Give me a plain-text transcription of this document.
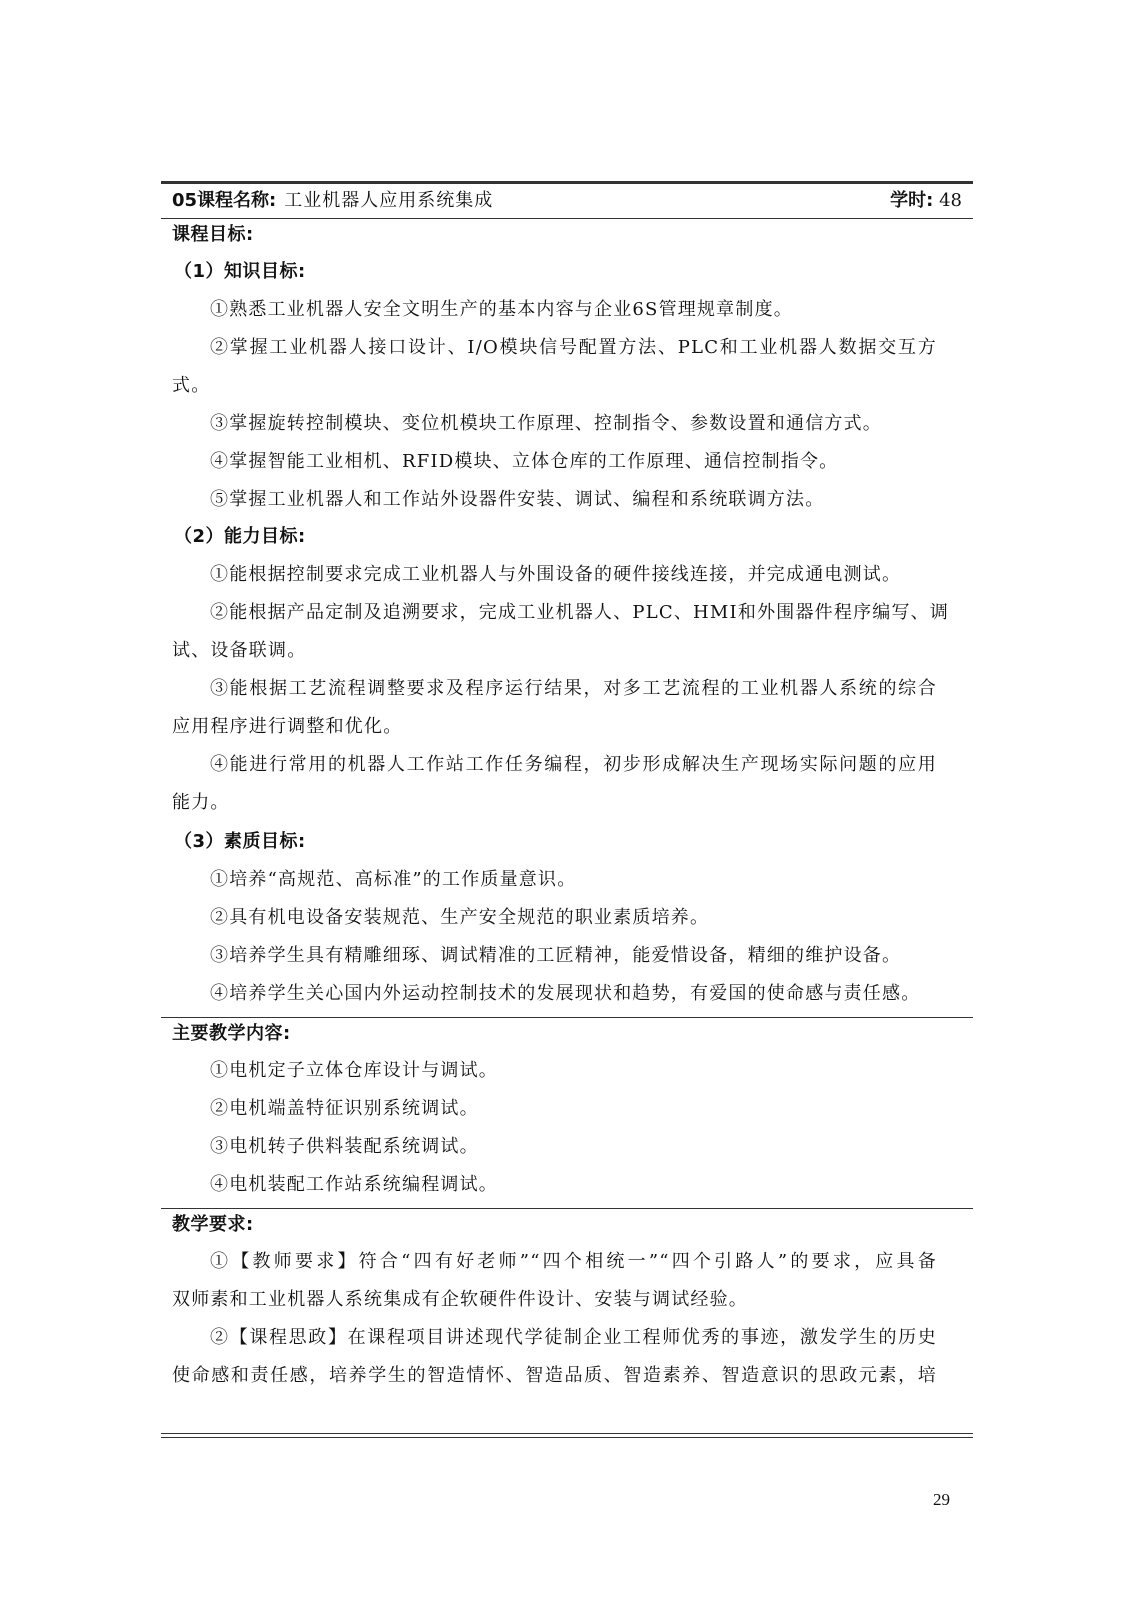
05课程名称: 工业机器人应用系统集成	学时: 48
课程目标:
（1）知识目标:
①熟悉工业机器人安全文明生产的基本内容与企业6S管理规章制度。
②掌握工业机器人接口设计、I/O模块信号配置方法、PLC和工业机器人数据交互方
式。
③掌握旋转控制模块、变位机模块工作原理、控制指令、参数设置和通信方式。
④掌握智能工业相机、RFID模块、立体仓库的工作原理、通信控制指令。
⑤掌握工业机器人和工作站外设器件安装、调试、编程和系统联调方法。
（2）能力目标:
①能根据控制要求完成工业机器人与外围设备的硬件接线连接，并完成通电测试。
②能根据产品定制及追溯要求，完成工业机器人、PLC、HMI和外围器件程序编写、调
试、设备联调。
③能根据工艺流程调整要求及程序运行结果，对多工艺流程的工业机器人系统的综合
应用程序进行调整和优化。
④能进行常用的机器人工作站工作任务编程，初步形成解决生产现场实际问题的应用
能力。
（3）素质目标:
①培养“高规范、高标准”的工作质量意识。
②具有机电设备安装规范、生产安全规范的职业素质培养。
③培养学生具有精雕细琢、调试精准的工匠精神，能爱惜设备，精细的维护设备。
④培养学生关心国内外运动控制技术的发展现状和趋势，有爱国的使命感与责任感。
主要教学内容:
①电机定子立体仓库设计与调试。
②电机端盖特征识别系统调试。
③电机转子供料装配系统调试。
④电机装配工作站系统编程调试。
教学要求:
①【教师要求】符合“四有好老师”“四个相统一”“四个引路人”的要求，应具备
双师素和工业机器人系统集成有企软硬件件设计、安装与调试经验。
②【课程思政】在课程项目讲述现代学徒制企业工程师优秀的事迹，激发学生的历史
使命感和责任感，培养学生的智造情怀、智造品质、智造素养、智造意识的思政元素，培
29
